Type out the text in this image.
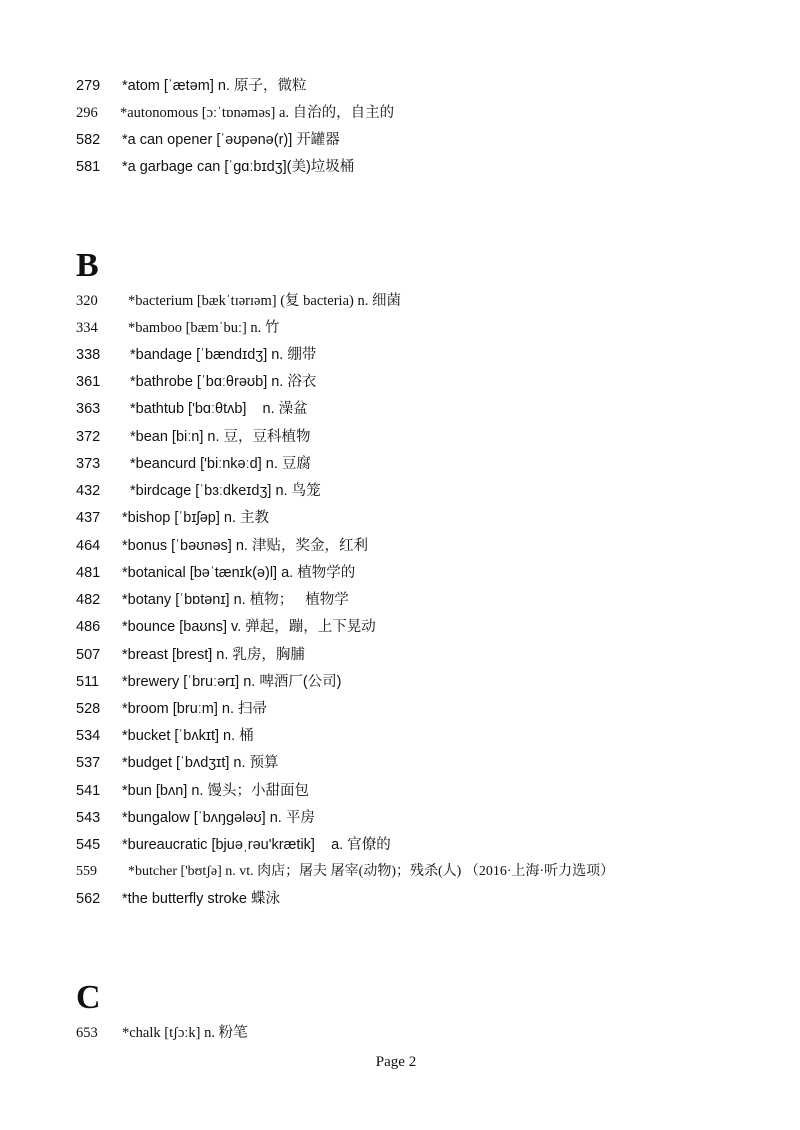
279 *atom [ˈætəm] n. 原子，微粒
296 *autonomous [ɔːˈtɒnəməs] a. 自治的，自主的
582 *a can opener [ˈəʊpənə(r)] 开罐器
581 *a garbage can [ˈɡɑːbɪdʒ](美)垃圾桶
B
320 *bacterium [bækˈtɪərɪəm] (复 bacteria) n. 细菌
334 *bamboo [bæmˈbuː] n. 竹
338 *bandage [ˈbændɪdʒ] n. 绷带
361 *bathrobe [ˈbɑːθrəʊb] n. 浴衣
363 *bathtub ['bɑːθtʌb]    n. 澡盆
372 *bean [biːn] n. 豆，豆科植物
373 *beancurd ['biːnkəːd] n. 豆腐
432 *birdcage [ˈbɜːdkeɪdʒ] n. 鸟笼
437 *bishop [ˈbɪʃəp] n. 主教
464 *bonus [ˈbəʊnəs] n. 津贴，奖金，红利
481 *botanical [bəˈtænɪk(ə)l] a. 植物学的
482 *botany [ˈbɒtənɪ] n. 植物；   植物学
486 *bounce [baʊns] v. 弹起，蹦，上下晃动
507 *breast [brest] n. 乳房，胸脯
511 *brewery [ˈbruːərɪ] n. 啤酒厂(公司)
528 *broom [bruːm] n. 扫帚
534 *bucket [ˈbʌkɪt] n. 桶
537 *budget [ˈbʌdʒɪt] n. 预算
541 *bun [bʌn] n. 馒头；小甜面包
543 *bungalow [ˈbʌŋɡələʊ] n. 平房
545 *bureaucratic [bjuəˌrəu'krætik]    a. 官僚的
559 *butcher ['bʊtʃə] n. vt. 肉店；屠夫 屠宰(动物)；残杀(人) （2016·上海·听力选项）
562 *the butterfly stroke 蝶泳
C
653 *chalk [tʃɔːk] n. 粉笔
Page 2
